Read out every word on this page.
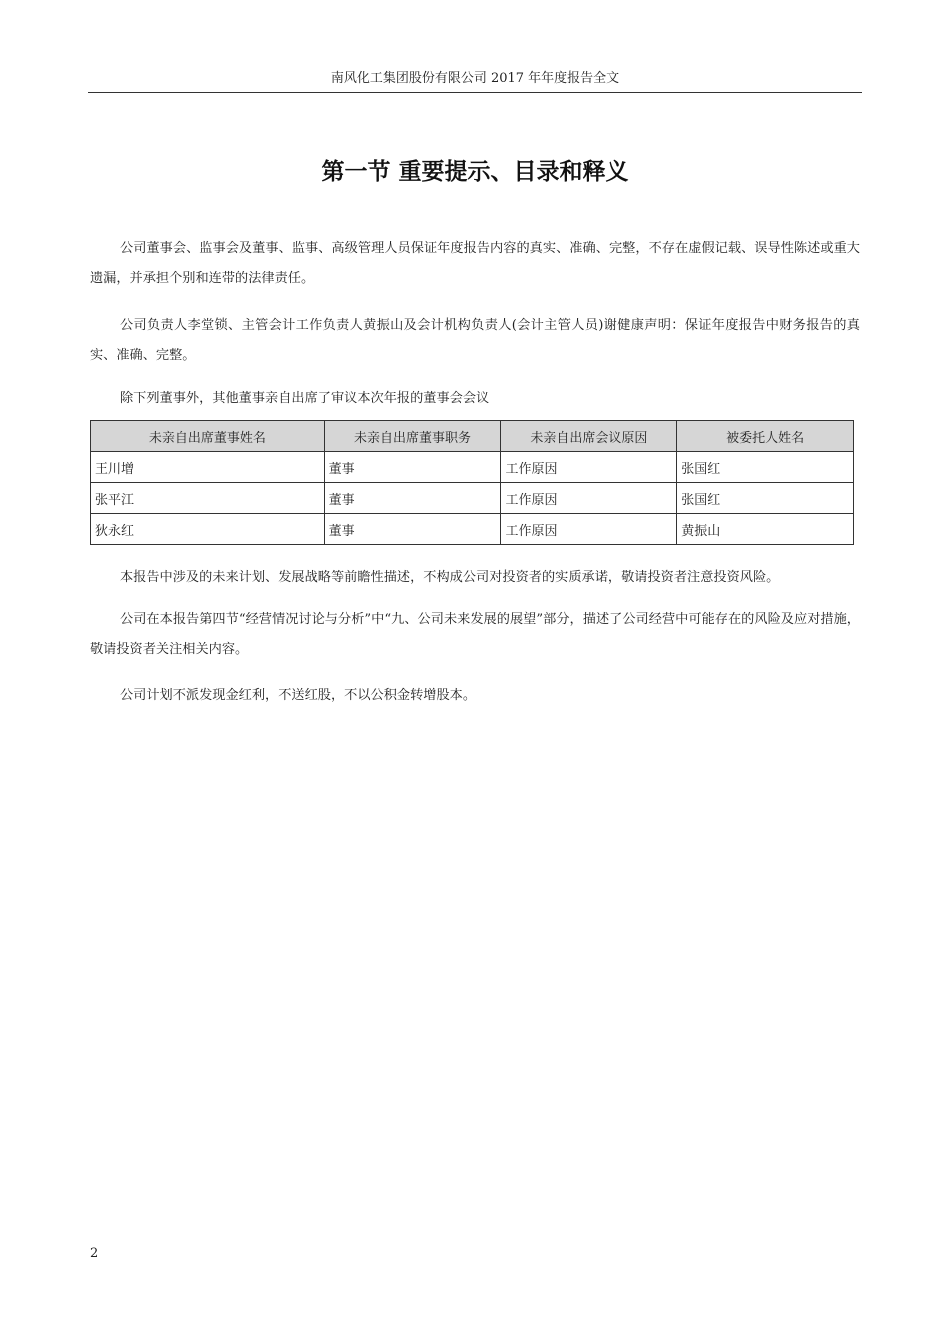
南风化工集团股份有限公司 2017 年年度报告全文
第一节 重要提示、目录和释义

公司董事会、监事会及董事、监事、高级管理人员保证年度报告内容的真实、准确、完整，不存在虚假记载、误导性陈述或重大遗漏，并承担个别和连带的法律责任。

公司负责人李堂锁、主管会计工作负责人黄振山及会计机构负责人(会计主管人员)谢健康声明：保证年度报告中财务报告的真实、准确、完整。

除下列董事外，其他董事亲自出席了审议本次年报的董事会会议

未亲自出席董事姓名	未亲自出席董事职务	未亲自出席会议原因	被委托人姓名
王川增	董事	工作原因	张国红
张平江	董事	工作原因	张国红
狄永红	董事	工作原因	黄振山

本报告中涉及的未来计划、发展战略等前瞻性描述，不构成公司对投资者的实质承诺，敬请投资者注意投资风险。

公司在本报告第四节“经营情况讨论与分析”中“九、公司未来发展的展望”部分，描述了公司经营中可能存在的风险及应对措施，敬请投资者关注相关内容。

公司计划不派发现金红利，不送红股，不以公积金转增股本。

2
